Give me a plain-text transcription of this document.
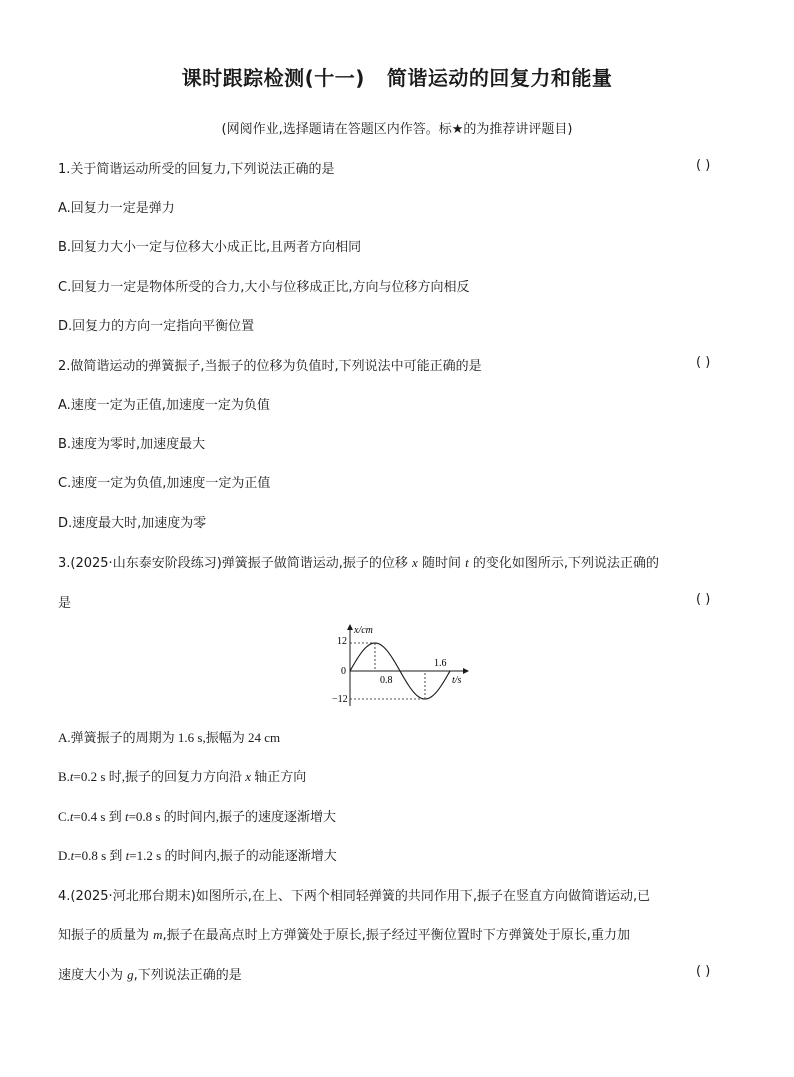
课时跟踪检测(十一) 简谐运动的回复力和能量
(网阅作业,选择题请在答题区内作答。标★的为推荐讲评题目)
1.关于简谐运动所受的回复力,下列说法正确的是	( )
A.回复力一定是弹力
B.回复力大小一定与位移大小成正比,且两者方向相同
C.回复力一定是物体所受的合力,大小与位移成正比,方向与位移方向相反
D.回复力的方向一定指向平衡位置
2.做简谐运动的弹簧振子,当振子的位移为负值时,下列说法中可能正确的是	( )
A.速度一定为正值,加速度一定为负值
B.速度为零时,加速度最大
C.速度一定为负值,加速度一定为正值
D.速度最大时,加速度为零
3.(2025·山东泰安阶段练习)弹簧振子做简谐运动,振子的位移 x 随时间 t 的变化如图所示,下列说法正确的
是	( )
x/cm
12
0
−12
0.8
1.6
t/s
A.弹簧振子的周期为 1.6 s,振幅为 24 cm
B.t=0.2 s 时,振子的回复力方向沿 x 轴正方向
C.t=0.4 s 到 t=0.8 s 的时间内,振子的速度逐渐增大
D.t=0.8 s 到 t=1.2 s 的时间内,振子的动能逐渐增大
4.(2025·河北邢台期末)如图所示,在上、下两个相同轻弹簧的共同作用下,振子在竖直方向做简谐运动,已
知振子的质量为 m,振子在最高点时上方弹簧处于原长,振子经过平衡位置时下方弹簧处于原长,重力加
速度大小为 g,下列说法正确的是	( )
